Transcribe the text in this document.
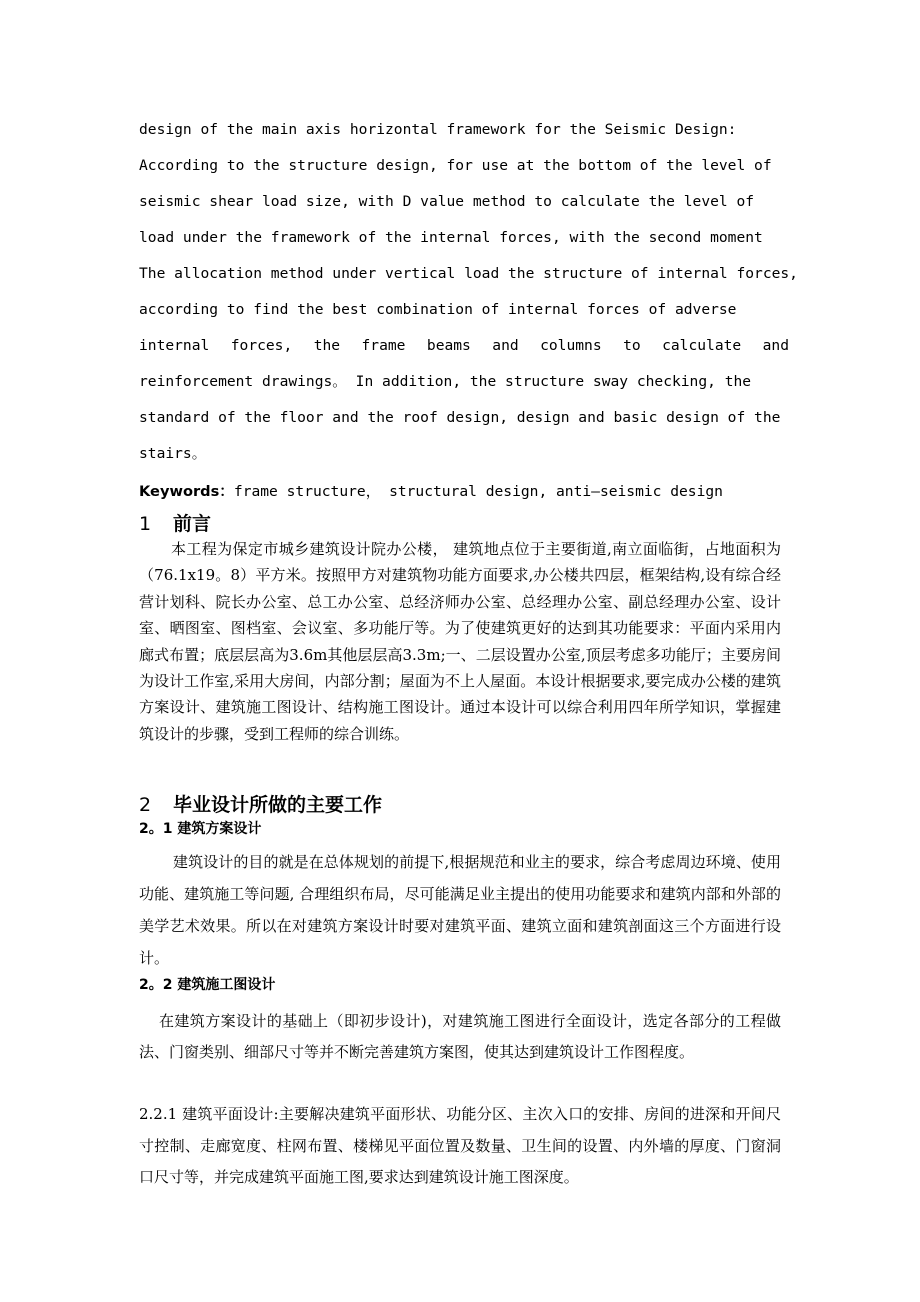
design of the main axis horizontal framework for the Seismic Design:
According to the structure design, for use at the bottom of the level of
seismic shear load size, with D value method to calculate the level of
load under the framework of the internal forces, with the second moment
The allocation method under vertical load the structure of internal forces,
according to find the best combination of internal forces of adverse
internal forces, the frame beams and columns to calculate and
reinforcement drawings。 In addition, the structure sway checking, the
standard of the floor and the roof design, design and basic design of the
stairs。
Keywords：frame structure， structural design, anti—seismic design
1 前言
本工程为保定市城乡建筑设计院办公楼， 建筑地点位于主要街道,南立面临街，占地面积为（76.1x19。8）平方米。按照甲方对建筑物功能方面要求,办公楼共四层，框架结构,设有综合经营计划科、院长办公室、总工办公室、总经济师办公室、总经理办公室、副总经理办公室、设计室、晒图室、图档室、会议室、多功能厅等。为了使建筑更好的达到其功能要求：平面内采用内廊式布置；底层层高为3.6m其他层层高3.3m;一、二层设置办公室,顶层考虑多功能厅；主要房间为设计工作室,采用大房间，内部分割；屋面为不上人屋面。本设计根据要求,要完成办公楼的建筑方案设计、建筑施工图设计、结构施工图设计。通过本设计可以综合利用四年所学知识，掌握建筑设计的步骤，受到工程师的综合训练。
2 毕业设计所做的主要工作
2。1 建筑方案设计
建筑设计的目的就是在总体规划的前提下,根据规范和业主的要求，综合考虑周边环境、使用功能、建筑施工等问题, 合理组织布局，尽可能满足业主提出的使用功能要求和建筑内部和外部的美学艺术效果。所以在对建筑方案设计时要对建筑平面、建筑立面和建筑剖面这三个方面进行设计。
2。2 建筑施工图设计
在建筑方案设计的基础上（即初步设计)，对建筑施工图进行全面设计，选定各部分的工程做法、门窗类别、细部尺寸等并不断完善建筑方案图，使其达到建筑设计工作图程度。
2.2.1 建筑平面设计:主要解决建筑平面形状、功能分区、主次入口的安排、房间的进深和开间尺寸控制、走廊宽度、柱网布置、楼梯见平面位置及数量、卫生间的设置、内外墙的厚度、门窗洞口尺寸等，并完成建筑平面施工图,要求达到建筑设计施工图深度。
